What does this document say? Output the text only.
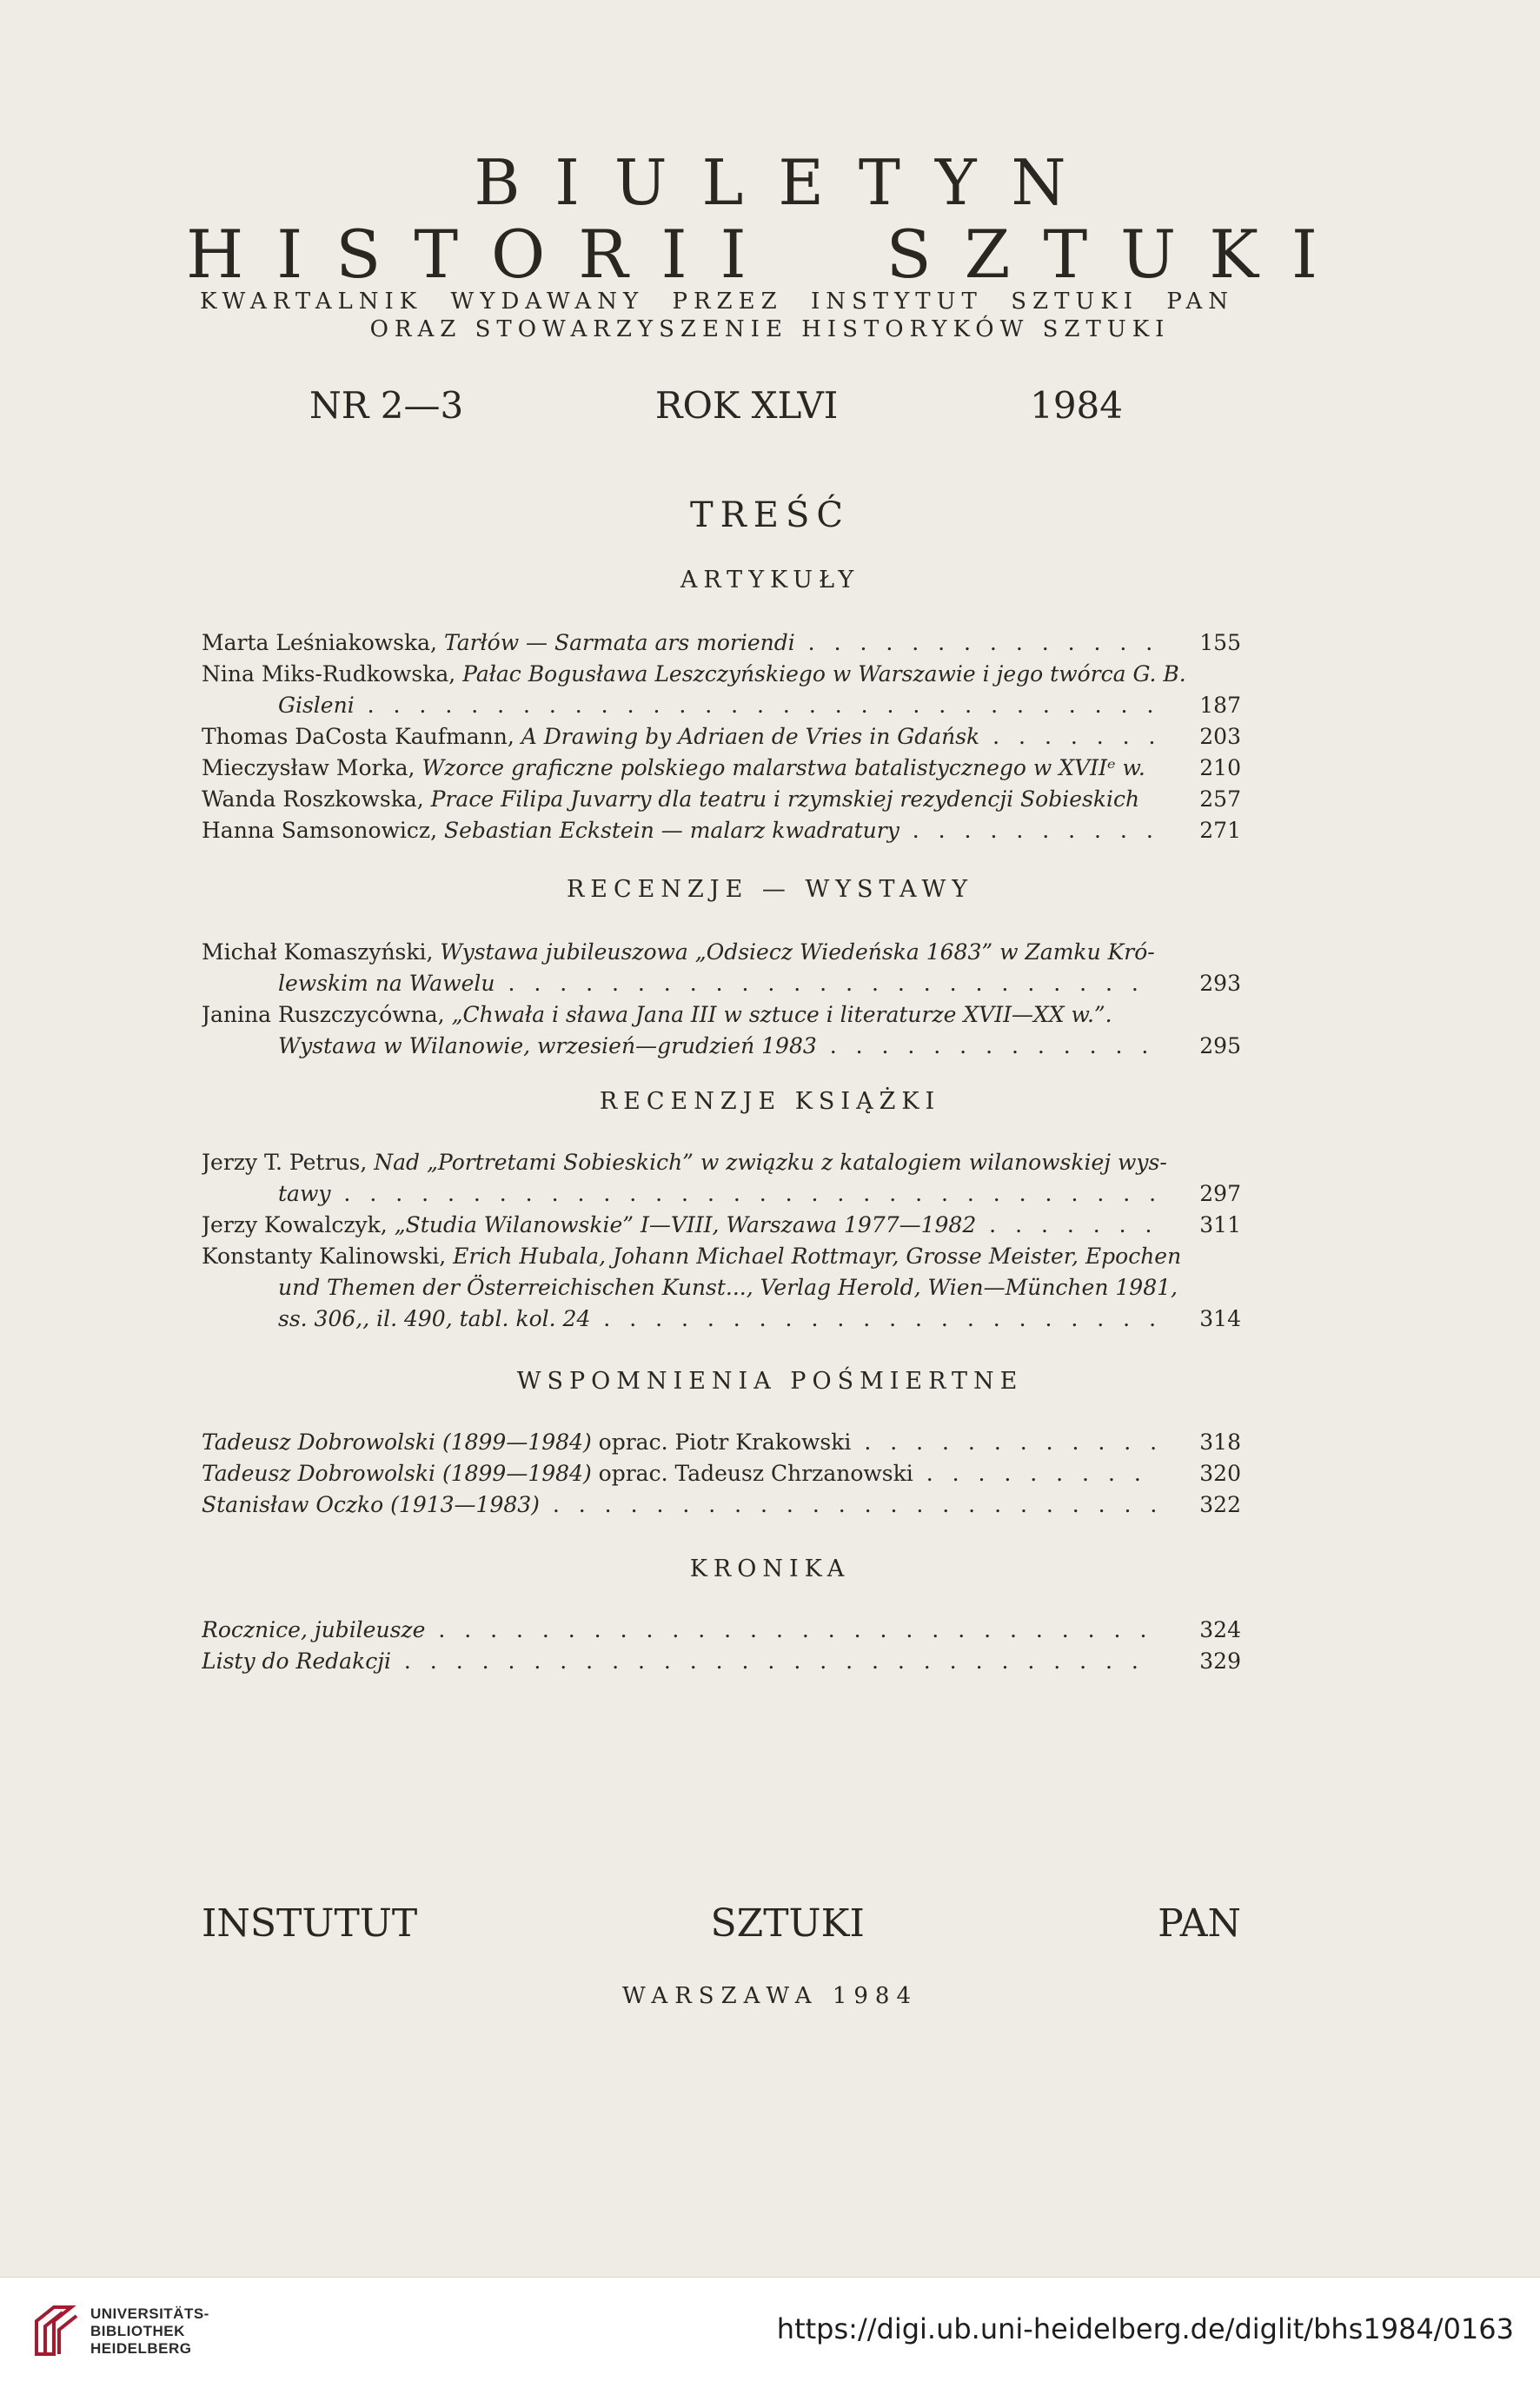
BIULETYN
HISTORII SZTUKI
KWARTALNIK WYDAWANY PRZEZ INSTYTUT SZTUKI PAN
ORAZ STOWARZYSZENIE HISTORYKÓW SZTUKI
NR 2—3	ROK XLVI	1984
TREŚĆ
ARTYKUŁY
Marta Leśniakowska, Tarłów — Sarmata ars moriendi . . .	155
Nina Miks-Rudkowska, Pałac Bogusława Leszczyńskiego w Warszawie i jego twórca G. B.
Gisleni . . .	187
Thomas DaCosta Kaufmann, A Drawing by Adriaen de Vries in Gdańsk . . .	203
Mieczysław Morka, Wzorce graficzne polskiego malarstwa batalistycznego w XVIIᵉ w.	210
Wanda Roszkowska, Prace Filipa Juvarry dla teatru i rzymskiej rezydencji Sobieskich	257
Hanna Samsonowicz, Sebastian Eckstein — malarz kwadratury . . .	271
RECENZJE — WYSTAWY
Michał Komaszyński, Wystawa jubileuszowa „Odsiecz Wiedeńska 1683” w Zamku Kró-
lewskim na Wawelu . . .	293
Janina Ruszczycówna, „Chwała i sława Jana III w sztuce i literaturze XVII—XX w.”.
Wystawa w Wilanowie, wrzesień—grudzień 1983 . . .	295
RECENZJE KSIĄŻKI
Jerzy T. Petrus, Nad „Portretami Sobieskich” w związku z katalogiem wilanowskiej wys-
tawy . . .	297
Jerzy Kowalczyk, „Studia Wilanowskie” I—VIII, Warszawa 1977—1982 . . .	311
Konstanty Kalinowski, Erich Hubala, Johann Michael Rottmayr, Grosse Meister, Epochen
und Themen der Österreichischen Kunst..., Verlag Herold, Wien—München 1981,
ss. 306,, il. 490, tabl. kol. 24 . . .	314
WSPOMNIENIA POŚMIERTNE
Tadeusz Dobrowolski (1899—1984) oprac. Piotr Krakowski . . .	318
Tadeusz Dobrowolski (1899—1984) oprac. Tadeusz Chrzanowski . . .	320
Stanisław Oczko (1913—1983) . . .	322
KRONIKA
Rocznice, jubileusze . . .	324
Listy do Redakcji . . .	329
INSTUTUT SZTUKI PAN
WARSZAWA 1984
UNIVERSITÄTS-
BIBLIOTHEK
HEIDELBERG
https://digi.ub.uni-heidelberg.de/diglit/bhs1984/0163
